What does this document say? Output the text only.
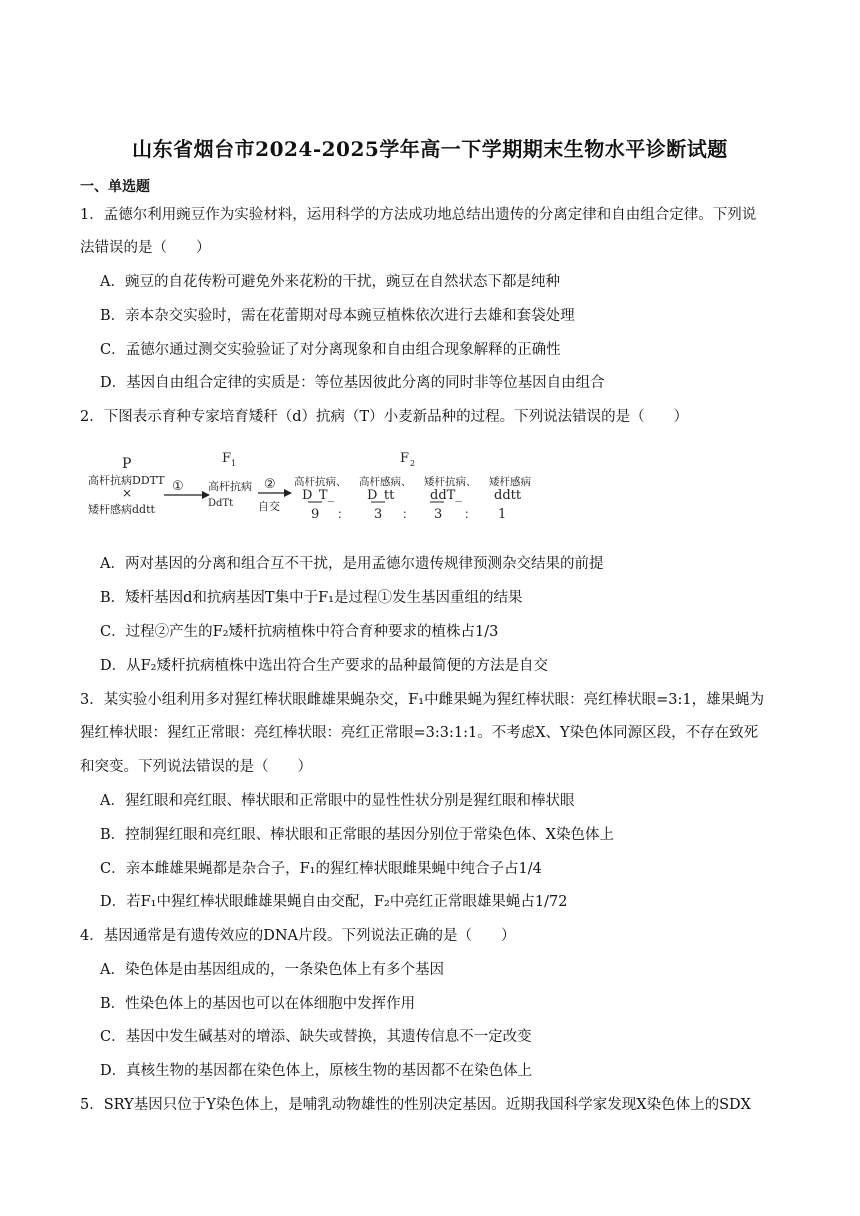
山东省烟台市2024-2025学年高一下学期期末生物水平诊断试题
一、单选题
1．孟德尔利用豌豆作为实验材料，运用科学的方法成功地总结出遗传的分离定律和自由组合定律。下列说
法错误的是（　　）
A．豌豆的自花传粉可避免外来花粉的干扰，豌豆在自然状态下都是纯种
B．亲本杂交实验时，需在花蕾期对母本豌豆植株依次进行去雄和套袋处理
C．孟德尔通过测交实验验证了对分离现象和自由组合现象解释的正确性
D．基因自由组合定律的实质是：等位基因彼此分离的同时非等位基因自由组合
2．下图表示育种专家培育矮秆（d）抗病（T）小麦新品种的过程。下列说法错误的是（　　）
P
高杆抗病DDTT
×
矮杆感病ddtt
①
F 1
高杆抗病
DdTt
②
自交
F 2
高杆抗病、 高杆感病、 矮杆抗病、 矮杆感病
D_T_	D_tt	ddT_ ddtt
9 ： 3 ： 3 ： 1
A．两对基因的分离和组合互不干扰，是用孟德尔遗传规律预测杂交结果的前提
B．矮杆基因d和抗病基因T集中于F₁是过程①发生基因重组的结果
C．过程②产生的F₂矮杆抗病植株中符合育种要求的植株占1/3
D．从F₂矮杆抗病植株中选出符合生产要求的品种最简便的方法是自交
3．某实验小组利用多对猩红棒状眼雌雄果蝇杂交，F₁中雌果蝇为猩红棒状眼：亮红棒状眼=3:1，雄果蝇为
猩红棒状眼：猩红正常眼：亮红棒状眼：亮红正常眼=3:3:1:1。不考虑X、Y染色体同源区段，不存在致死
和突变。下列说法错误的是（　　）
A．猩红眼和亮红眼、棒状眼和正常眼中的显性性状分别是猩红眼和棒状眼
B．控制猩红眼和亮红眼、棒状眼和正常眼的基因分别位于常染色体、X染色体上
C．亲本雌雄果蝇都是杂合子，F₁的猩红棒状眼雌果蝇中纯合子占1/4
D．若F₁中猩红棒状眼雌雄果蝇自由交配，F₂中亮红正常眼雄果蝇占1/72
4．基因通常是有遗传效应的DNA片段。下列说法正确的是（　　）
A．染色体是由基因组成的，一条染色体上有多个基因
B．性染色体上的基因也可以在体细胞中发挥作用
C．基因中发生碱基对的增添、缺失或替换，其遗传信息不一定改变
D．真核生物的基因都在染色体上，原核生物的基因都不在染色体上
5．SRY基因只位于Y染色体上，是哺乳动物雄性的性别决定基因。近期我国科学家发现X染色体上的SDX
